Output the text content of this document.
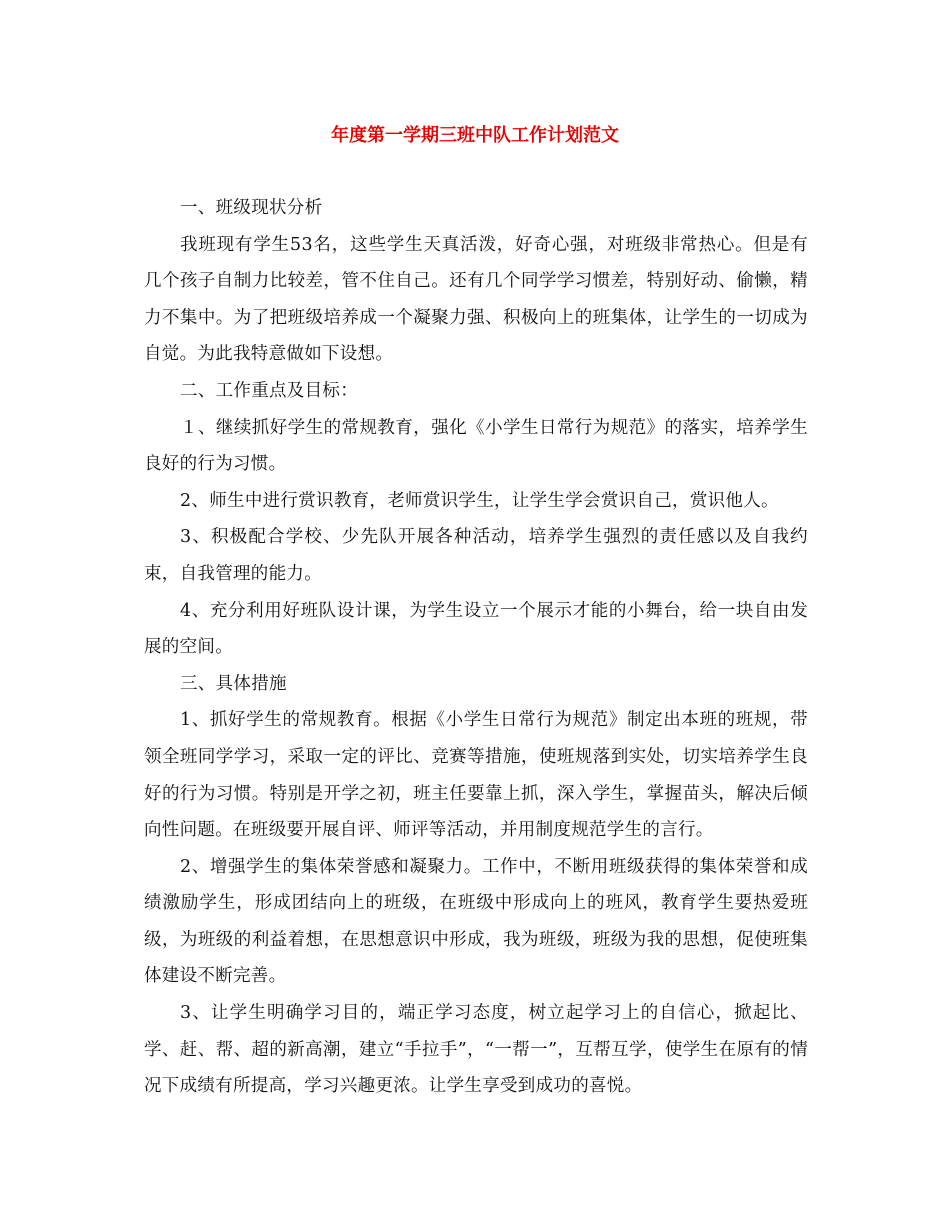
年度第一学期三班中队工作计划范文

一、班级现状分析

我班现有学生53名，这些学生天真活泼，好奇心强，对班级非常热心。但是有几个孩子自制力比较差，管不住自己。还有几个同学学习惯差，特别好动、偷懒，精力不集中。为了把班级培养成一个凝聚力强、积极向上的班集体，让学生的一切成为自觉。为此我特意做如下设想。

二、工作重点及目标：

１、继续抓好学生的常规教育，强化《小学生日常行为规范》的落实，培养学生良好的行为习惯。

2、师生中进行赏识教育，老师赏识学生，让学生学会赏识自己，赏识他人。

3、积极配合学校、少先队开展各种活动，培养学生强烈的责任感以及自我约束，自我管理的能力。

4、充分利用好班队设计课，为学生设立一个展示才能的小舞台，给一块自由发展的空间。

三、具体措施

1、抓好学生的常规教育。根据《小学生日常行为规范》制定出本班的班规，带领全班同学学习，采取一定的评比、竞赛等措施，使班规落到实处，切实培养学生良好的行为习惯。特别是开学之初，班主任要靠上抓，深入学生，掌握苗头，解决后倾向性问题。在班级要开展自评、师评等活动，并用制度规范学生的言行。

2、增强学生的集体荣誉感和凝聚力。工作中，不断用班级获得的集体荣誉和成绩激励学生，形成团结向上的班级，在班级中形成向上的班风，教育学生要热爱班级，为班级的利益着想，在思想意识中形成，我为班级，班级为我的思想，促使班集体建设不断完善。

3、让学生明确学习目的，端正学习态度，树立起学习上的自信心，掀起比、学、赶、帮、超的新高潮，建立“手拉手”，“一帮一”，互帮互学，使学生在原有的情况下成绩有所提高，学习兴趣更浓。让学生享受到成功的喜悦。
